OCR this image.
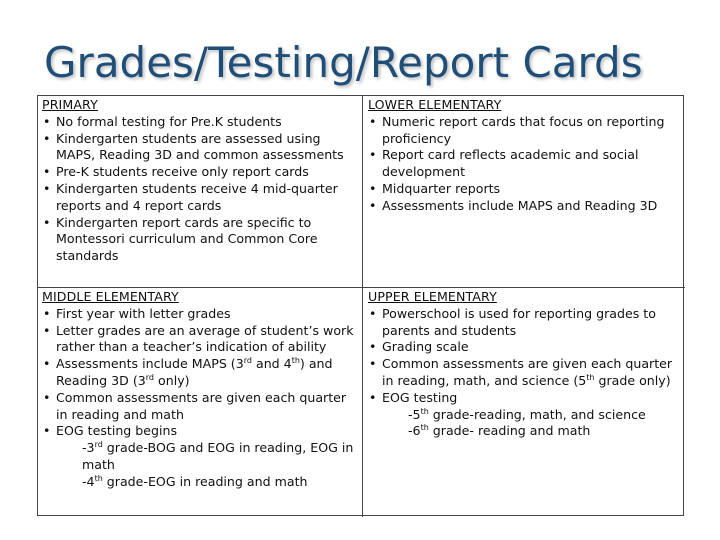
Grades/Testing/Report Cards
PRIMARY
• No formal testing for Pre.K students
• Kindergarten students are assessed using MAPS, Reading 3D and common assessments
• Pre-K students receive only report cards
• Kindergarten students receive 4 mid-quarter reports and 4 report cards
• Kindergarten report cards are specific to Montessori curriculum and Common Core standards
LOWER ELEMENTARY
• Numeric report cards that focus on reporting proficiency
• Report card reflects academic and social development
• Midquarter reports
• Assessments include MAPS and Reading 3D
MIDDLE ELEMENTARY
• First year with letter grades
• Letter grades are an average of student’s work rather than a teacher’s indication of ability
• Assessments include MAPS (3rd and 4th) and Reading 3D (3rd only)
• Common assessments are given each quarter in reading and math
• EOG testing begins
-3rd grade-BOG and EOG in reading, EOG in math
-4th grade-EOG in reading and math
UPPER ELEMENTARY
• Powerschool is used for reporting grades to parents and students
• Grading scale
• Common assessments are given each quarter in reading, math, and science (5th grade only)
• EOG testing
-5th grade-reading, math, and science
-6th grade- reading and math
